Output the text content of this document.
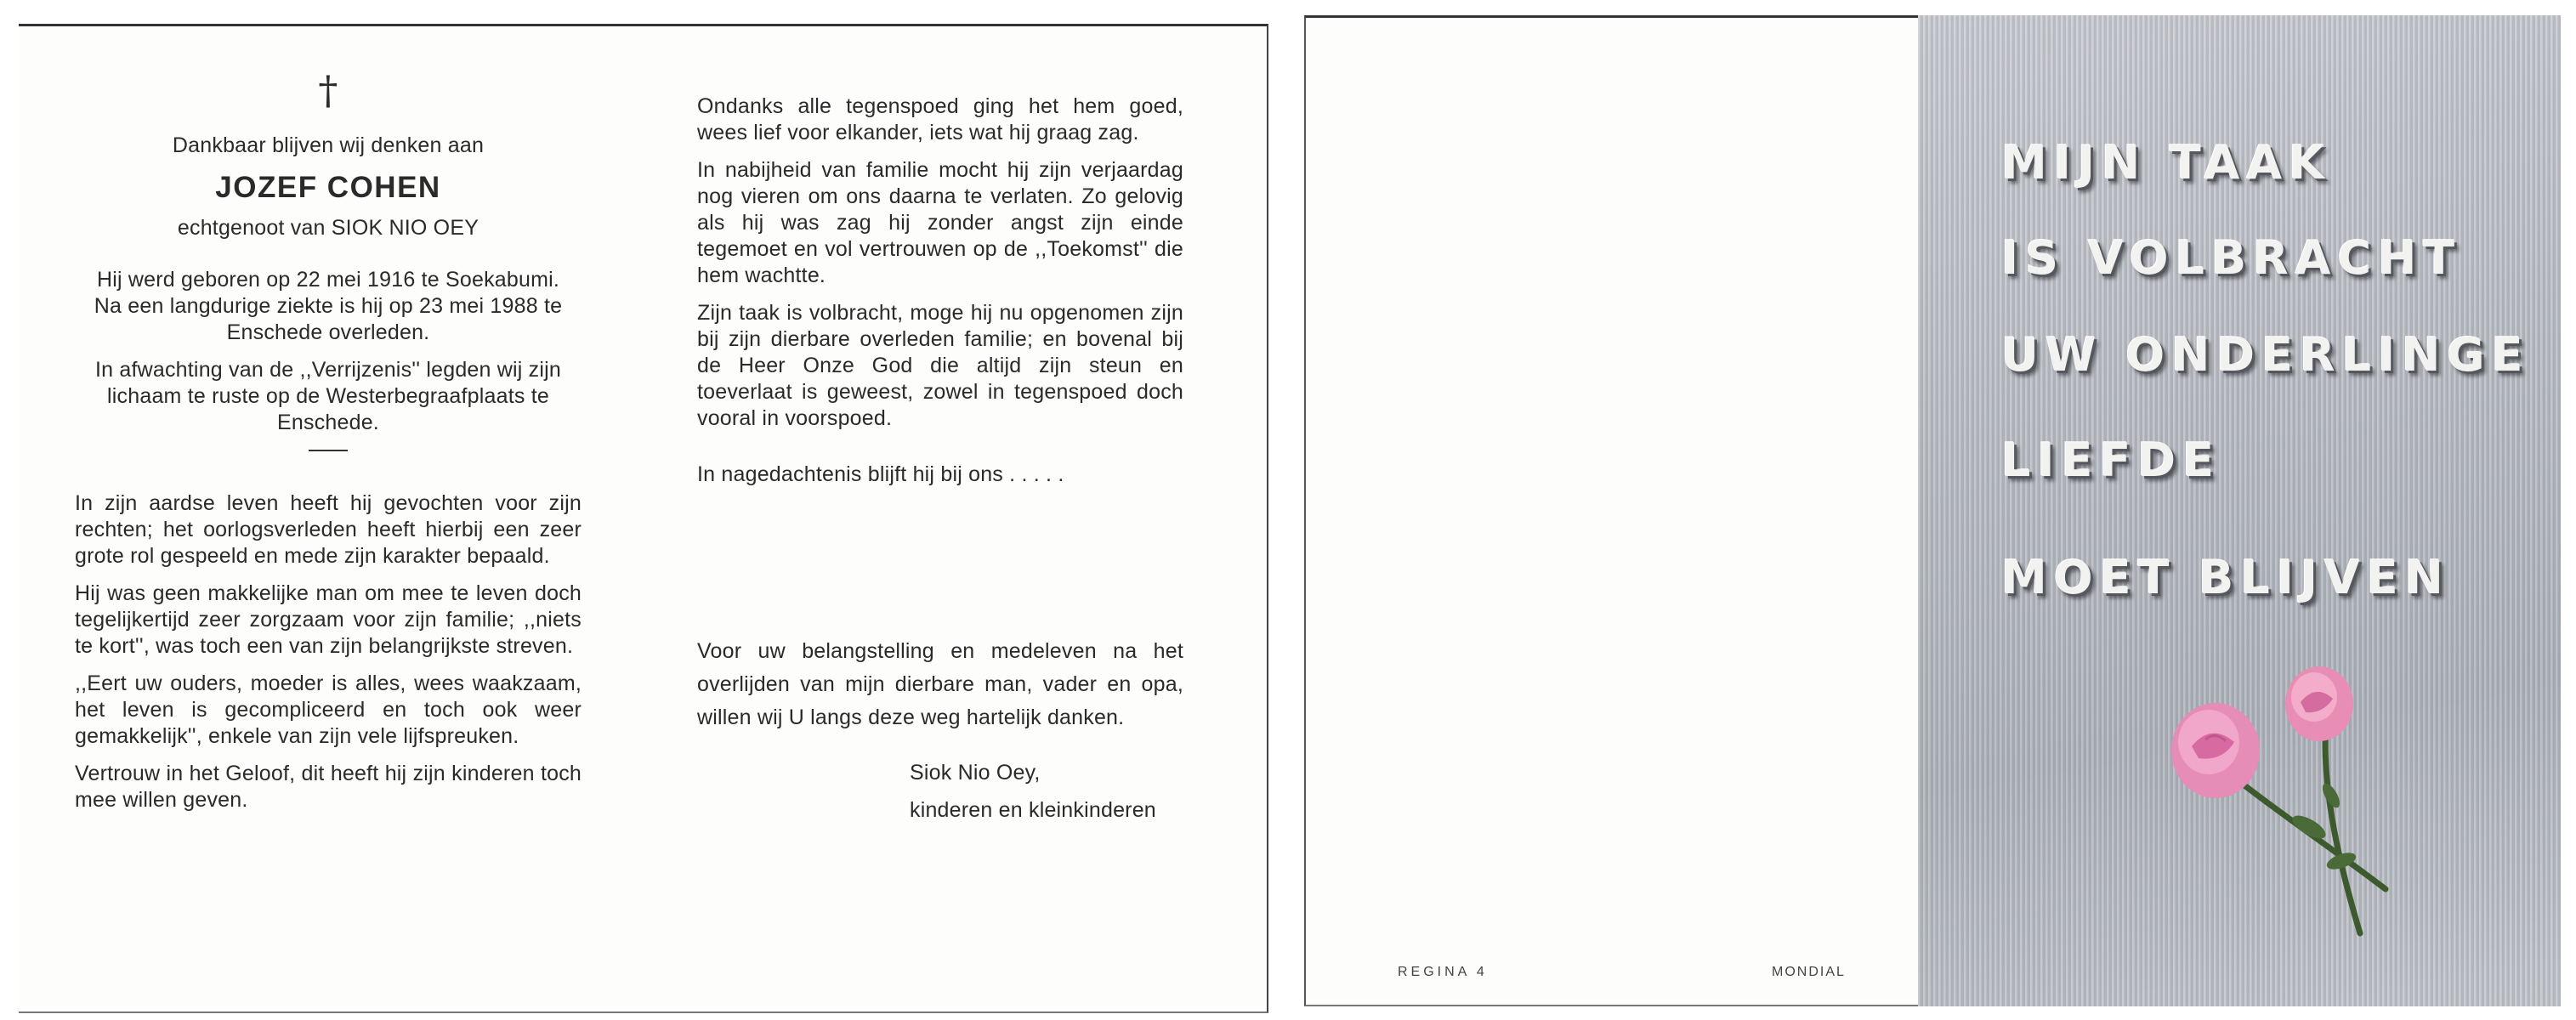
†

Dankbaar blijven wij denken aan

JOZEF COHEN

echtgenoot van SIOK NIO OEY

Hij werd geboren op 22 mei 1916 te Soekabumi. Na een langdurige ziekte is hij op 23 mei 1988 te Enschede overleden.

In afwachting van de ,,Verrijzenis'' legden wij zijn lichaam te ruste op de Westerbegraafplaats te Enschede.

In zijn aardse leven heeft hij gevochten voor zijn rechten; het oorlogsverleden heeft hierbij een zeer grote rol gespeeld en mede zijn karakter bepaald.

Hij was geen makkelijke man om mee te leven doch tegelijkertijd zeer zorgzaam voor zijn familie; ,,niets te kort'', was toch een van zijn belangrijkste streven.

,,Eert uw ouders, moeder is alles, wees waakzaam, het leven is gecompliceerd en toch ook weer gemakkelijk'', enkele van zijn vele lijfspreuken.

Vertrouw in het Geloof, dit heeft hij zijn kinderen toch mee willen geven.

Ondanks alle tegenspoed ging het hem goed, wees lief voor elkander, iets wat hij graag zag.

In nabijheid van familie mocht hij zijn verjaardag nog vieren om ons daarna te verlaten. Zo gelovig als hij was zag hij zonder angst zijn einde tegemoet en vol vertrouwen op de ,,Toekomst'' die hem wachtte.

Zijn taak is volbracht, moge hij nu opgenomen zijn bij zijn dierbare overleden familie; en bovenal bij de Heer Onze God die altijd zijn steun en toeverlaat is geweest, zowel in tegenspoed doch vooral in voorspoed.

In nagedachtenis blijft hij bij ons . . . . .

Voor uw belangstelling en medeleven na het overlijden van mijn dierbare man, vader en opa, willen wij U langs deze weg hartelijk danken.

Siok Nio Oey,

kinderen en kleinkinderen

MIJN TAAK
IS VOLBRACHT
UW ONDERLINGE
LIEFDE
MOET BLIJVEN
REGINA 4	MONDIAL
